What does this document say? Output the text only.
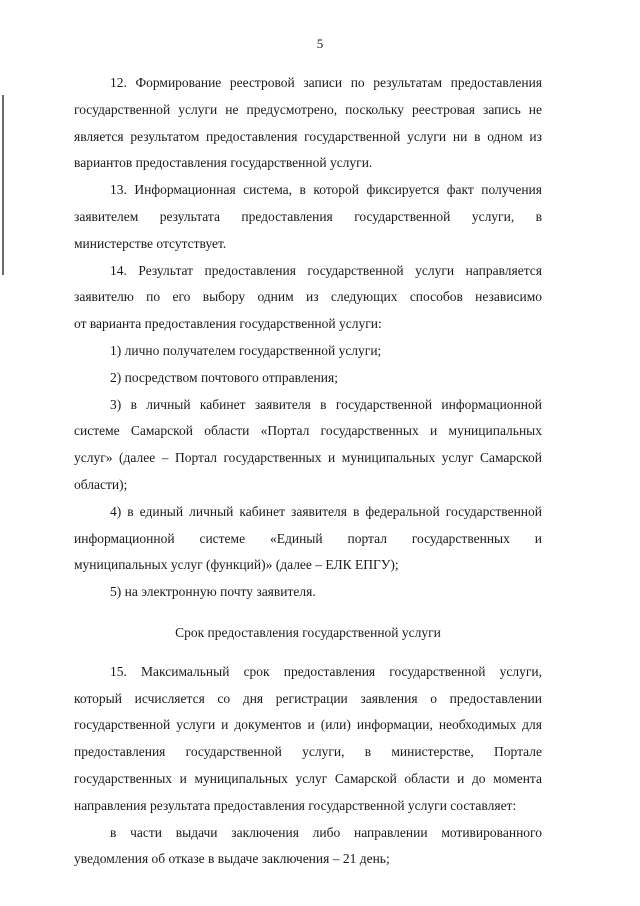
5

12. Формирование реестровой записи по результатам предоставления

государственной услуги не предусмотрено, поскольку реестровая запись не

является результатом предоставления государственной услуги ни в одном из

вариантов предоставления государственной услуги.

13. Информационная система, в которой фиксируется факт получения

заявителем результата предоставления государственной услуги, в

министерстве отсутствует.

14. Результат предоставления государственной услуги направляется

заявителю по его выбору одним из следующих способов независимо

от варианта предоставления государственной услуги:

1) лично получателем государственной услуги;

2) посредством почтового отправления;

3) в личный кабинет заявителя в государственной информационной

системе Самарской области «Портал государственных и муниципальных

услуг» (далее – Портал государственных и муниципальных услуг Самарской

области);

4) в единый личный кабинет заявителя в федеральной государственной

информационной системе «Единый портал государственных и

муниципальных услуг (функций)» (далее – ЕЛК ЕПГУ);

5) на электронную почту заявителя.

Срок предоставления государственной услуги

15. Максимальный срок предоставления государственной услуги,

который исчисляется со дня регистрации заявления о предоставлении

государственной услуги и документов и (или) информации, необходимых для

предоставления государственной услуги, в министерстве, Портале

государственных и муниципальных услуг Самарской области и до момента

направления результата предоставления государственной услуги составляет:

в части выдачи заключения либо направлении мотивированного

уведомления об отказе в выдаче заключения – 21 день;
